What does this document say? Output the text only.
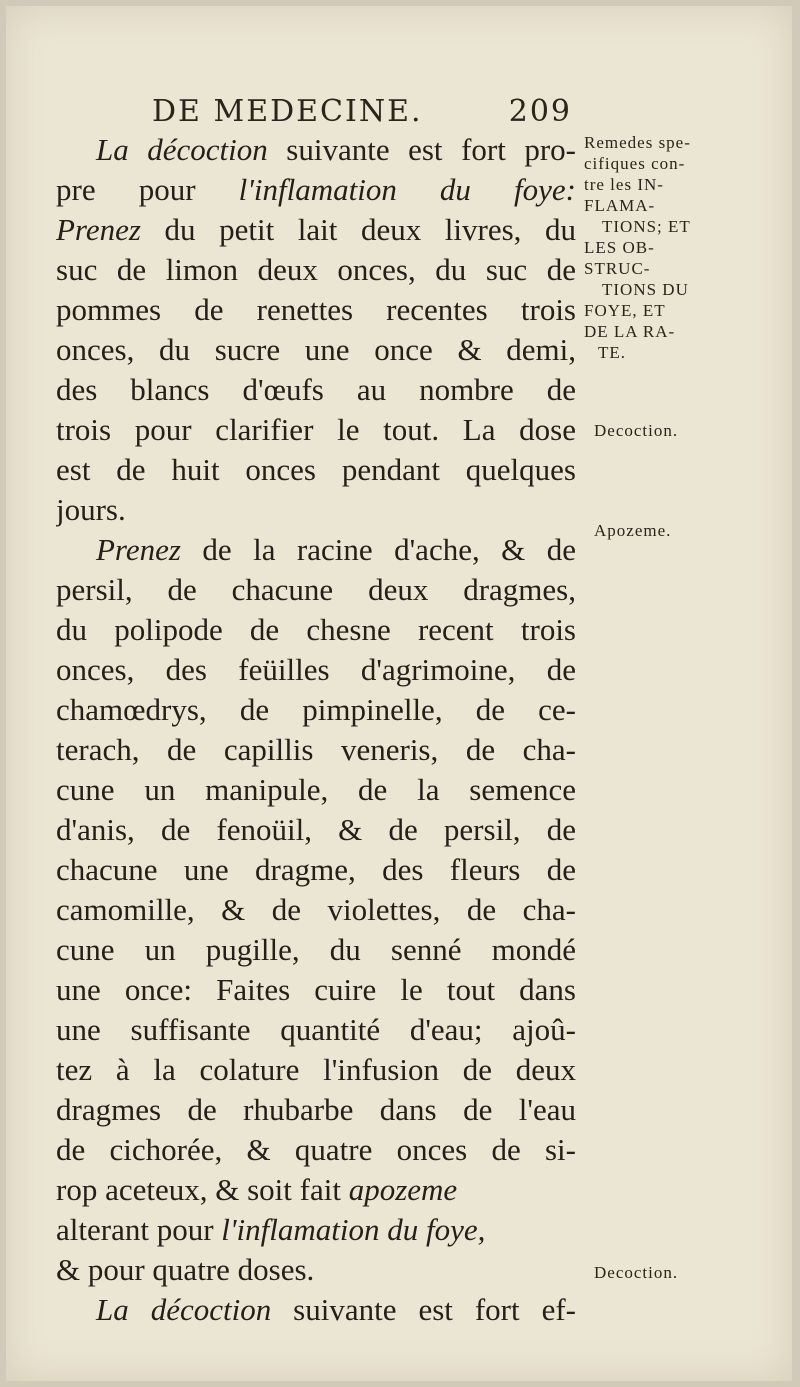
DE MEDECINE.	209
La décoction suivante est fort pro-
pre pour l'inflamation du foye:
Prenez du petit lait deux livres, du
suc de limon deux onces, du suc de
pommes de renettes recentes trois
onces, du sucre une once & demi,
des blancs d'œufs au nombre de
trois pour clarifier le tout. La dose
est de huit onces pendant quelques
jours.
Prenez de la racine d'ache, & de
persil, de chacune deux dragmes,
du polipode de chesne recent trois
onces, des feüilles d'agrimoine, de
chamœdrys, de pimpinelle, de ce-
terach, de capillis veneris, de cha-
cune un manipule, de la semence
d'anis, de fenoüil, & de persil, de
chacune une dragme, des fleurs de
camomille, & de violettes, de cha-
cune un pugille, du senné mondé
une once: Faites cuire le tout dans
une suffisante quantité d'eau; ajoû-
tez à la colature l'infusion de deux
dragmes de rhubarbe dans de l'eau
de cichorée, & quatre onces de si-
rop aceteux, & soit fait apozeme
alterant pour l'inflamation du foye,
& pour quatre doses.
La décoction suivante est fort ef-
Remedes spe-
cifiques con-
tre les IN-
FLAMA-
TIONS; ET
LES OB-
STRUC-
TIONS DU
FOYE, ET
DE LA RA-
TE.
Decoction.
Apozeme.
Decoction.
